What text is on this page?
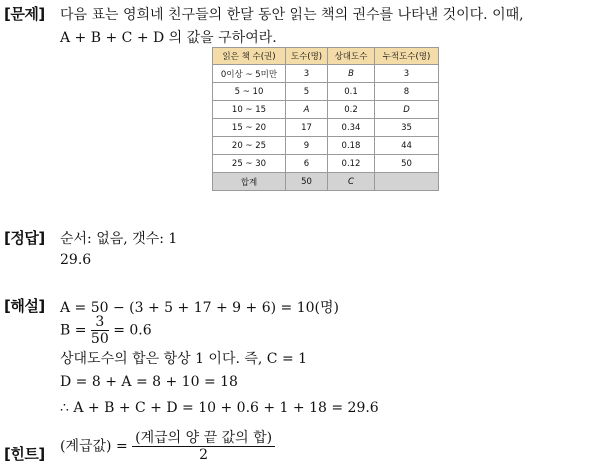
[문제] 다음 표는 영희네 친구들의 한달 동안 읽는 책의 권수를 나타낸 것이다. 이때,
A + B + C + D 의 값을 구하여라.
읽은 책 수(권)	도수(명)	상대도수	누적도수(명)
0이상 ~ 5미만	3	B	3
5 ~ 10	5	0.1	8
10 ~ 15	A	0.2	D
15 ~ 20	17	0.34	35
20 ~ 25	9	0.18	44
25 ~ 30	6	0.12	50
합계	50	C	
[정답] 순서: 없음, 갯수: 1
29.6
[해설] A = 50 − (3 + 5 + 17 + 9 + 6) = 10(명)
$B = \frac{3}{50} = 0.6$
상대도수의 합은 항상 1 이다. 즉, C = 1
D = 8 + A = 8 + 10 = 18
∴ A + B + C + D = 10 + 0.6 + 1 + 18 = 29.6
[힌트] (계급값) = $\frac{\text{(계급의 양 끝 값의 합)}}{2}$
